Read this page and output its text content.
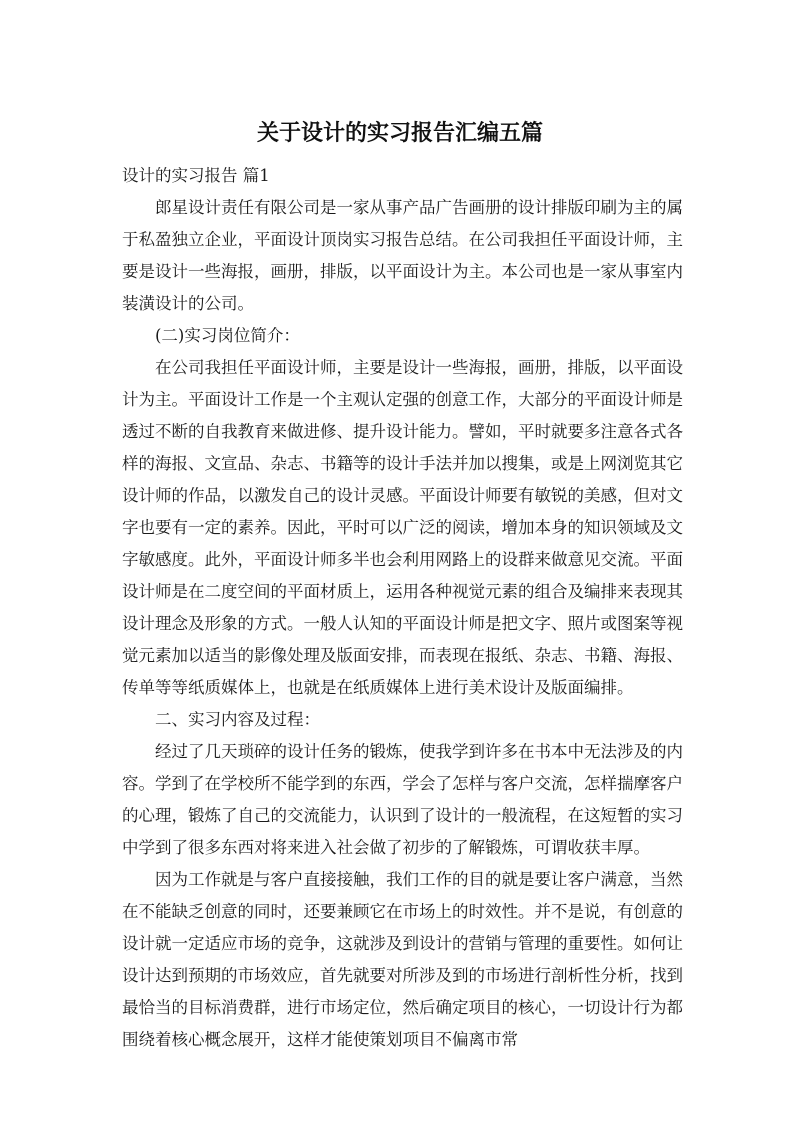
关于设计的实习报告汇编五篇

设计的实习报告 篇1

郎星设计责任有限公司是一家从事产品广告画册的设计排版印刷为主的属

于私盈独立企业，平面设计顶岗实习报告总结。在公司我担任平面设计师，主

要是设计一些海报，画册，排版，以平面设计为主。本公司也是一家从事室内

装潢设计的公司。

(二)实习岗位简介：

在公司我担任平面设计师，主要是设计一些海报，画册，排版，以平面设

计为主。平面设计工作是一个主观认定强的创意工作，大部分的平面设计师是

透过不断的自我教育来做进修、提升设计能力。譬如，平时就要多注意各式各

样的海报、文宣品、杂志、书籍等的设计手法并加以搜集，或是上网浏览其它

设计师的作品，以激发自己的设计灵感。平面设计师要有敏锐的美感，但对文

字也要有一定的素养。因此，平时可以广泛的阅读，增加本身的知识领域及文

字敏感度。此外，平面设计师多半也会利用网路上的设群来做意见交流。平面

设计师是在二度空间的平面材质上，运用各种视觉元素的组合及编排来表现其

设计理念及形象的方式。一般人认知的平面设计师是把文字、照片或图案等视

觉元素加以适当的影像处理及版面安排，而表现在报纸、杂志、书籍、海报、

传单等等纸质媒体上，也就是在纸质媒体上进行美术设计及版面编排。

二、实习内容及过程：

经过了几天琐碎的设计任务的锻炼，使我学到许多在书本中无法涉及的内

容。学到了在学校所不能学到的东西，学会了怎样与客户交流，怎样揣摩客户

的心理，锻炼了自己的交流能力，认识到了设计的一般流程，在这短暂的实习

中学到了很多东西对将来进入社会做了初步的了解锻炼，可谓收获丰厚。

因为工作就是与客户直接接触，我们工作的目的就是要让客户满意，当然

在不能缺乏创意的同时，还要兼顾它在市场上的时效性。并不是说，有创意的

设计就一定适应市场的竞争，这就涉及到设计的营销与管理的重要性。如何让

设计达到预期的市场效应，首先就要对所涉及到的市场进行剖析性分析，找到

最恰当的目标消费群，进行市场定位，然后确定项目的核心，一切设计行为都

围绕着核心概念展开，这样才能使策划项目不偏离市常
